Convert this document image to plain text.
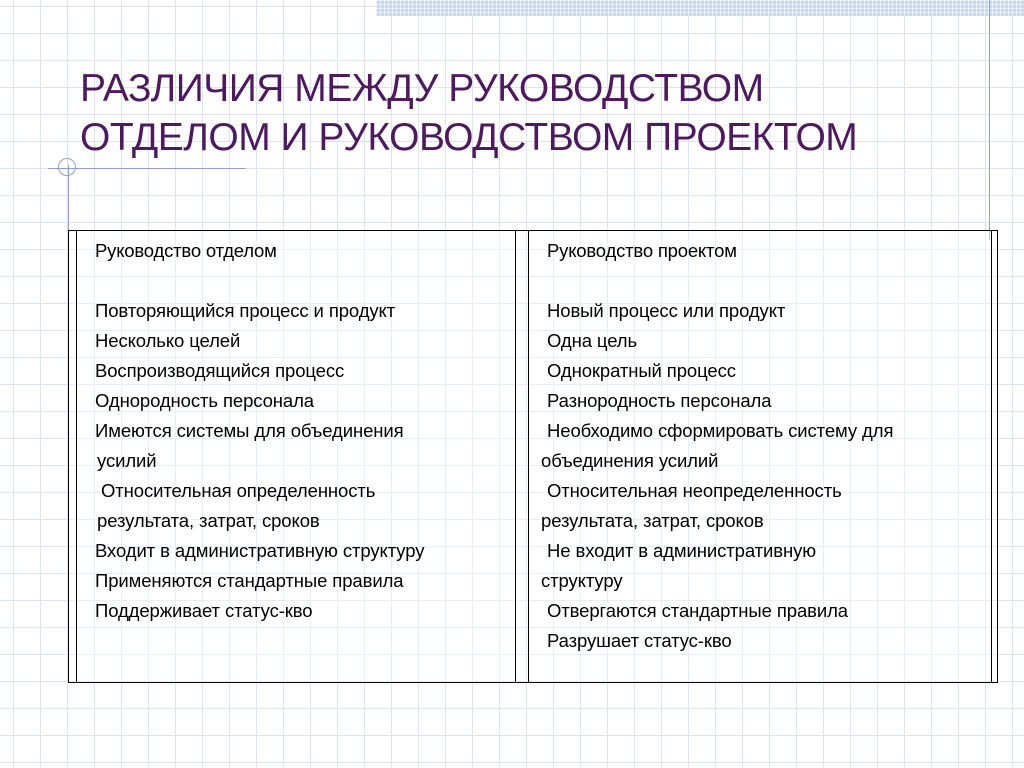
РАЗЛИЧИЯ МЕЖДУ РУКОВОДСТВОМ
ОТДЕЛОМ И РУКОВОДСТВОМ ПРОЕКТОМ
Руководство отделом
Повторяющийся процесс и продукт
Несколько целей
Воспроизводящийся процесс
Однородность персонала
Имеются системы для объединения
усилий
Относительная определенность
результата, затрат, сроков
Входит в административную структуру
Применяются стандартные правила
Поддерживает статус-кво
Руководство проектом
Новый процесс или продукт
Одна цель
Однократный процесс
Разнородность персонала
Необходимо сформировать систему для
объединения усилий
Относительная неопределенность
результата, затрат, сроков
Не входит в административную
структуру
Отвергаются стандартные правила
Разрушает статус-кво
